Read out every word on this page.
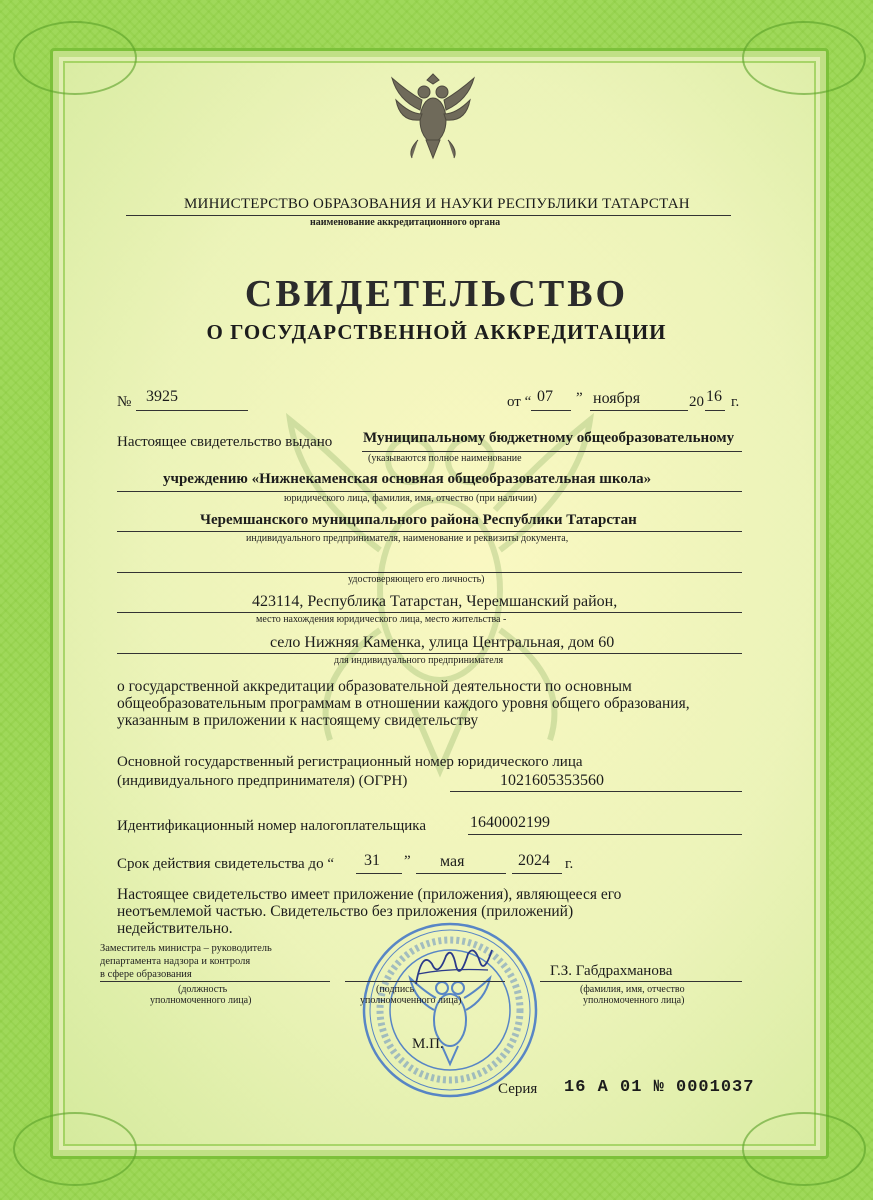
МИНИСТЕРСТВО ОБРАЗОВАНИЯ И НАУКИ РЕСПУБЛИКИ ТАТАРСТАН
наименование аккредитационного органа
СВИДЕТЕЛЬСТВО
О ГОСУДАРСТВЕННОЙ АККРЕДИТАЦИИ
№ 3925	от “ 07 ” ноября	20 16 г.
Настоящее свидетельство выдано Муниципальному бюджетному общеобразовательному
(указываются полное наименование
учреждению «Нижнекаменская основная общеобразовательная школа»
юридического лица, фамилия, имя, отчество (при наличии)
Черемшанского муниципального района Республики Татарстан
индивидуального предпринимателя, наименование и реквизиты документа,
удостоверяющего его личность)
423114, Республика Татарстан, Черемшанский район,
место нахождения юридического лица, место жительства -
село Нижняя Каменка, улица Центральная, дом 60
для индивидуального предпринимателя
о государственной аккредитации образовательной деятельности по основным
общеобразовательным программам в отношении каждого уровня общего образования,
указанным в приложении к настоящему свидетельству
Основной государственный регистрационный номер юридического лица
(индивидуального предпринимателя) (ОГРН)	1021605353560
Идентификационный номер налогоплательщика	1640002199
Срок действия свидетельства до “ 31 ” мая	2024 г.
Настоящее свидетельство имеет приложение (приложения), являющееся его
неотъемлемой частью. Свидетельство без приложения (приложений)
недействительно.
Заместитель министра – руководитель
департамента надзора и контроля
в сфере образования
(должность
уполномоченного лица)
(подпись
уполномоченного лица)
Г.З. Габдрахманова
(фамилия, имя, отчество
уполномоченного лица)
М.П.
Серия 16 А 01 № 0001037
